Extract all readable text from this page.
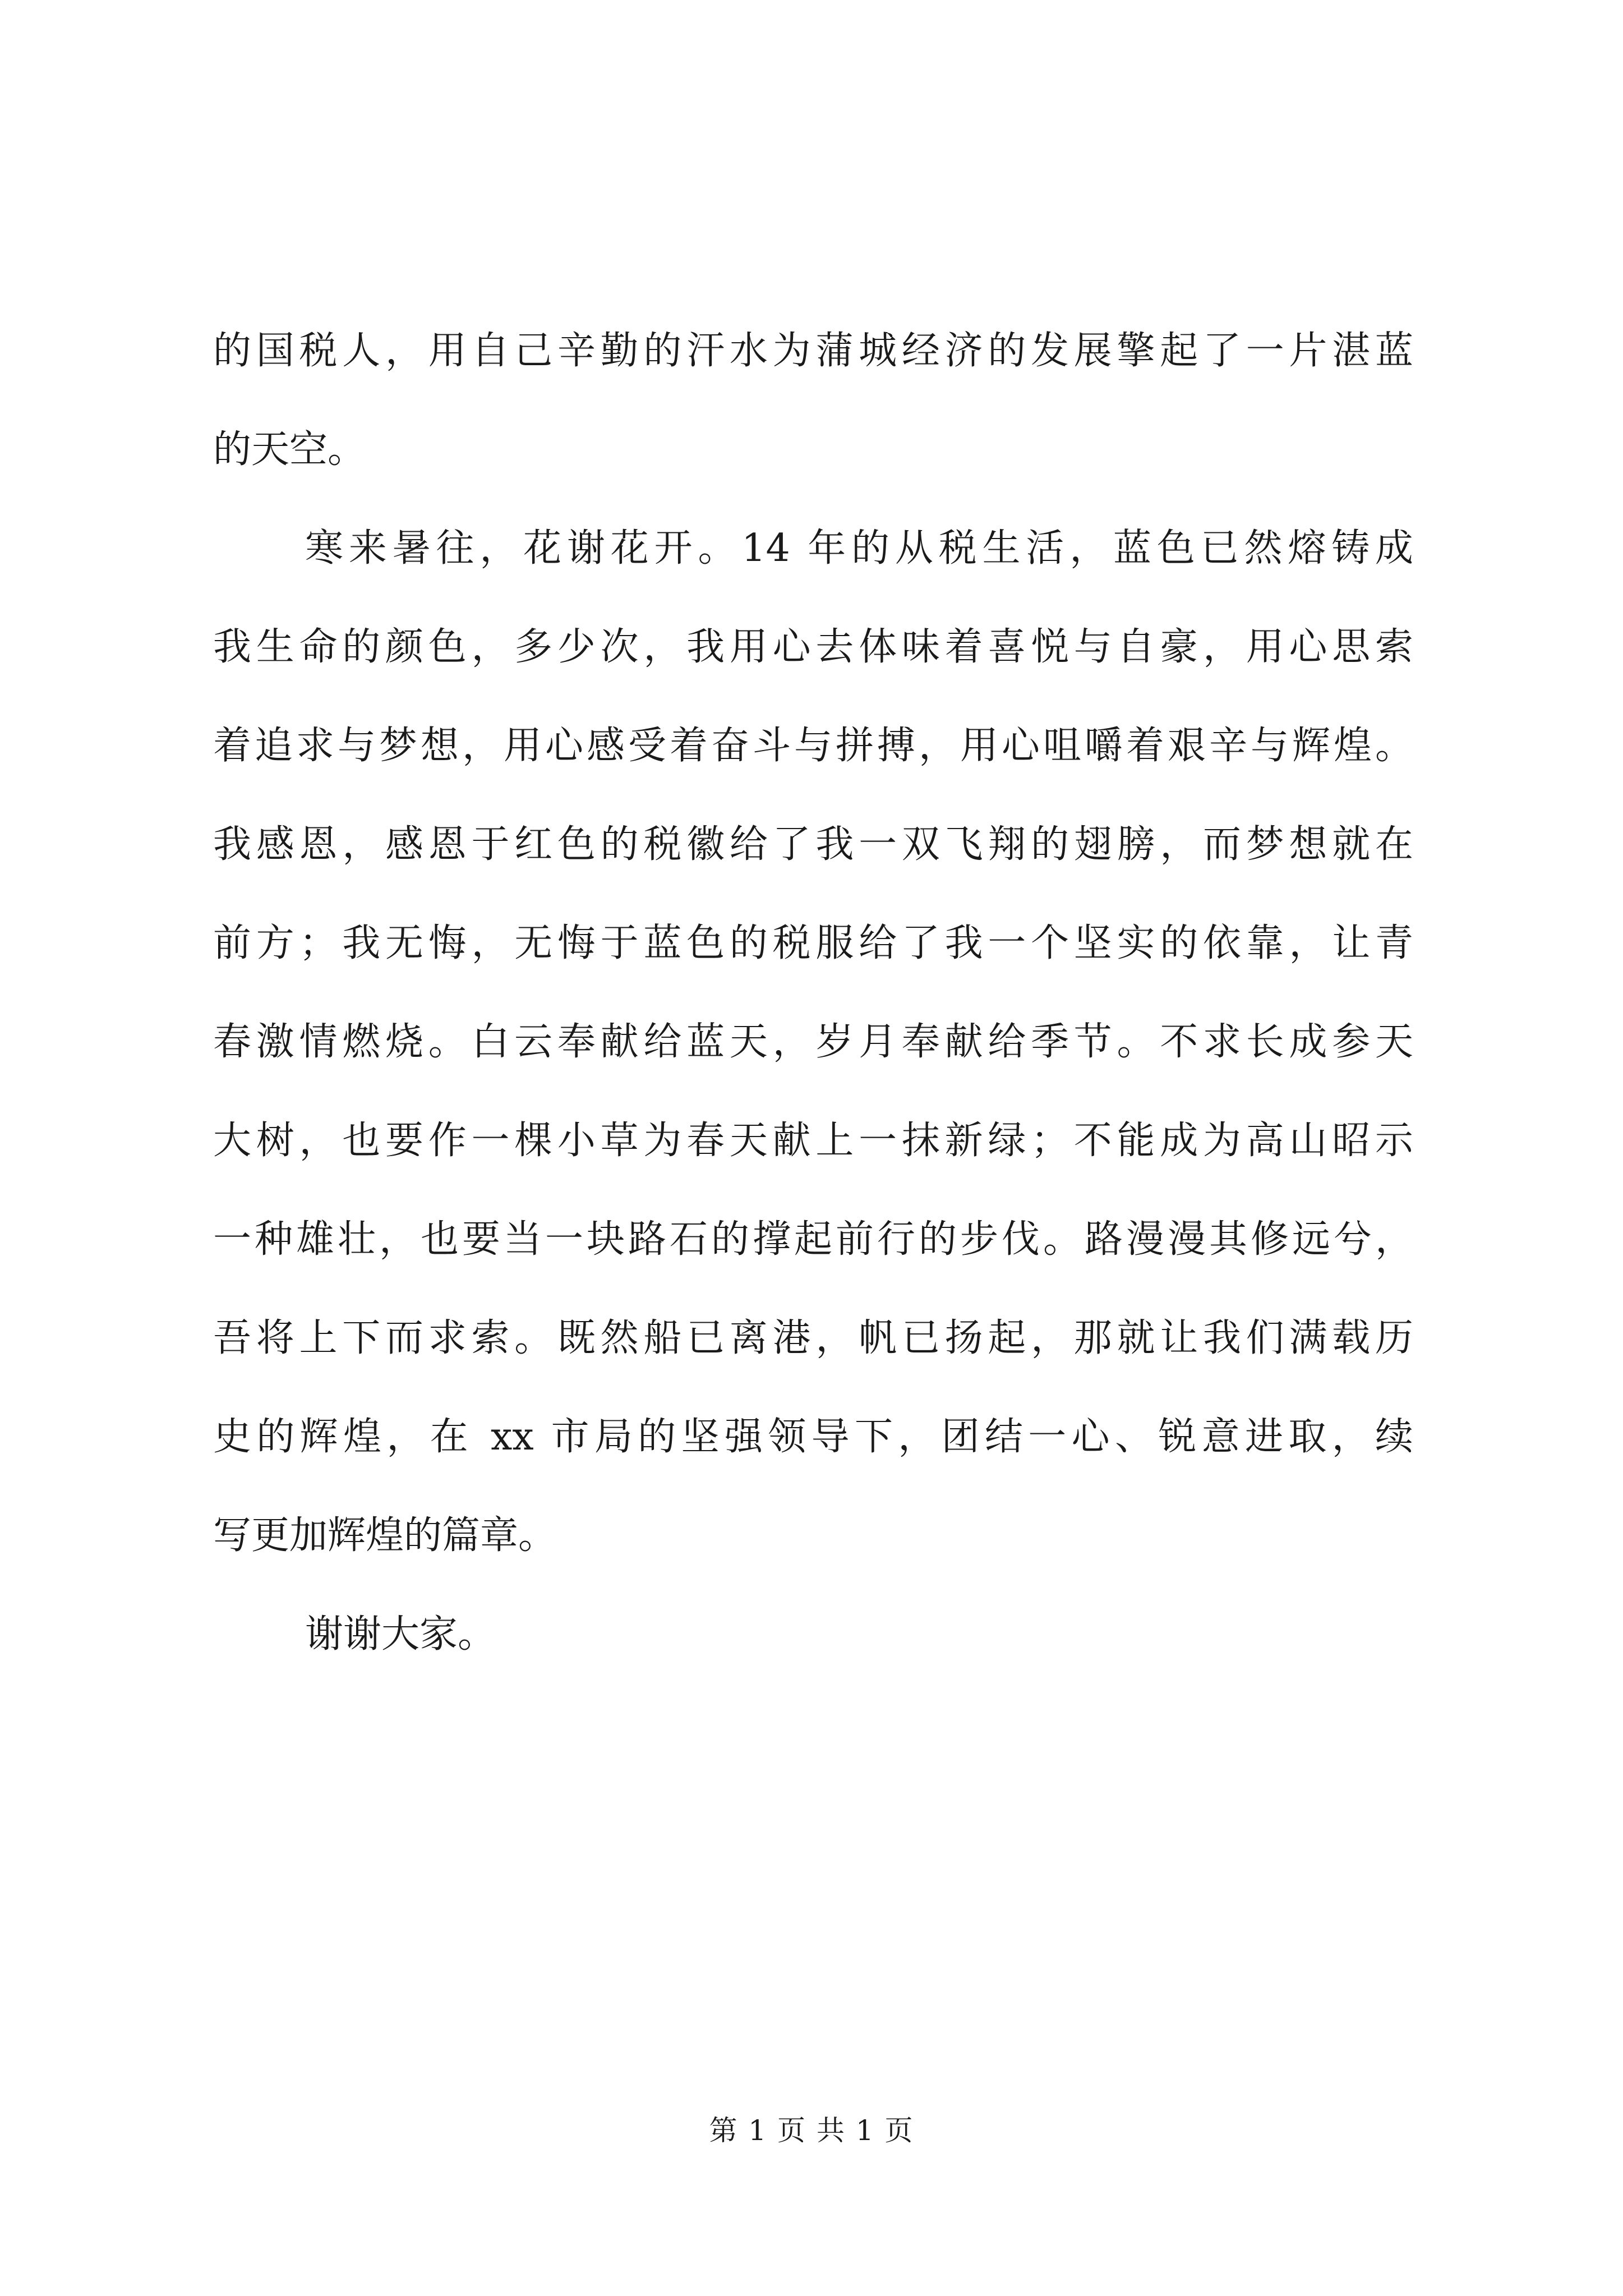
的国税人，用自己辛勤的汗水为蒲城经济的发展擎起了一片湛蓝
的天空。
寒来暑往，花谢花开。14 年的从税生活，蓝色已然熔铸成
我生命的颜色，多少次，我用心去体味着喜悦与自豪，用心思索
着追求与梦想，用心感受着奋斗与拼搏，用心咀嚼着艰辛与辉煌。
我感恩，感恩于红色的税徽给了我一双飞翔的翅膀，而梦想就在
前方；我无悔，无悔于蓝色的税服给了我一个坚实的依靠，让青
春激情燃烧。白云奉献给蓝天，岁月奉献给季节。不求长成参天
大树，也要作一棵小草为春天献上一抹新绿；不能成为高山昭示
一种雄壮，也要当一块路石的撑起前行的步伐。路漫漫其修远兮，
吾将上下而求索。既然船已离港，帆已扬起，那就让我们满载历
史的辉煌，在 xx 市局的坚强领导下，团结一心、锐意进取，续
写更加辉煌的篇章。
谢谢大家。
第 1 页 共 1 页
